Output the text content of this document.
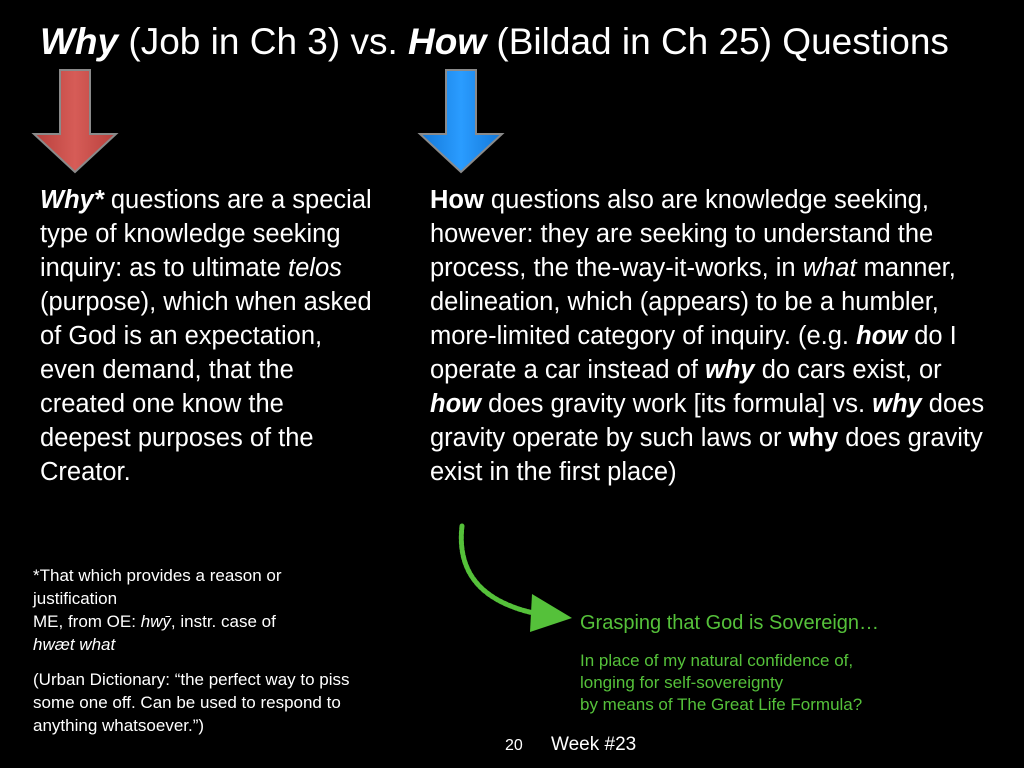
Why (Job in Ch 3) vs. How (Bildad in Ch 25) Questions
Why* questions are a special type of knowledge seeking inquiry: as to ultimate telos (purpose), which when asked of God is an expectation, even demand, that the created one know the deepest purposes of the Creator.
How questions also are knowledge seeking, however: they are seeking to understand the process, the the-way-it-works, in what manner, delineation, which (appears) to be a humbler, more-limited category of inquiry. (e.g. how do I operate a car instead of why do cars exist, or how does gravity work [its formula] vs. why does gravity operate by such laws or why does gravity exist in the first place)
*That which provides a reason or justification
ME, from OE: hwȳ, instr. case of
hwæt what
(Urban Dictionary: “the perfect way to piss some one off. Can be used to respond to anything whatsoever.”)
Grasping that God is Sovereign…
In place of my natural confidence of,
longing for self-sovereignty
by means of The Great Life Formula?
20 Week #23
